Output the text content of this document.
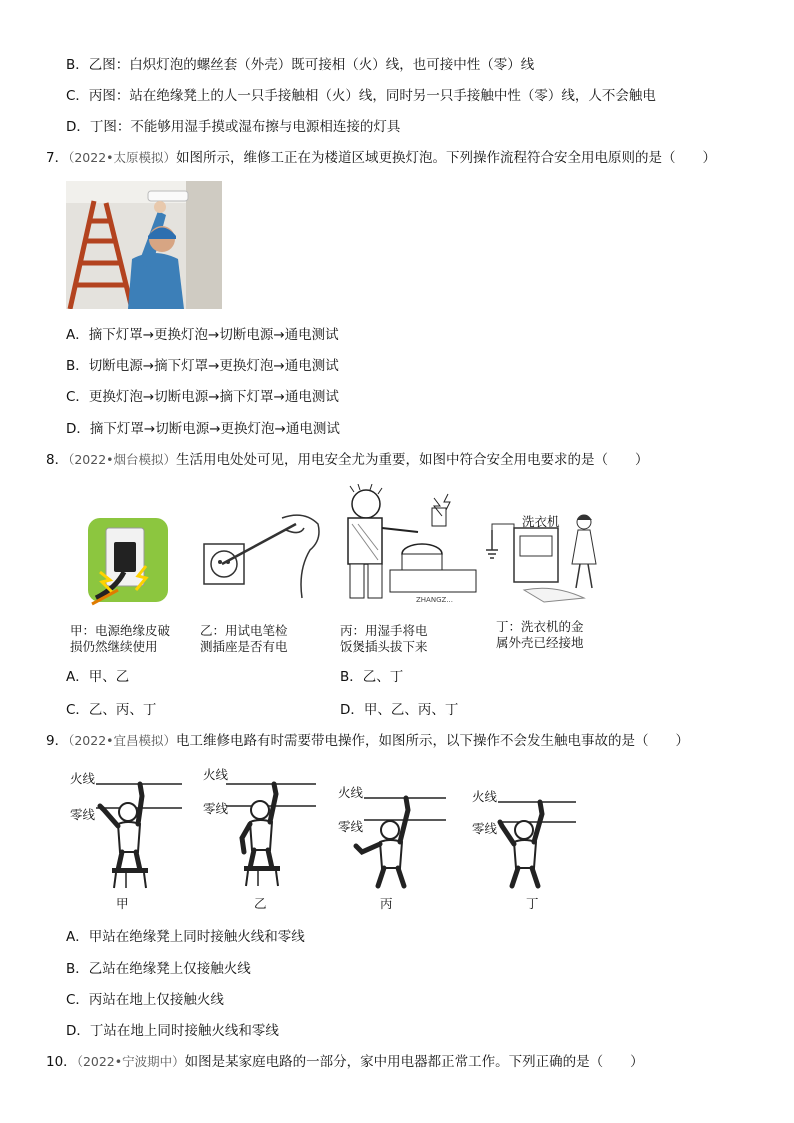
B．乙图：白炽灯泡的螺丝套（外壳）既可接相（火）线，也可接中性（零）线
C．丙图：站在绝缘凳上的人一只手接触相（火）线，同时另一只手接触中性（零）线，人不会触电
D．丁图：不能够用湿手摸或湿布擦与电源相连接的灯具
7．（2022•太原模拟）如图所示，维修工正在为楼道区域更换灯泡。下列操作流程符合安全用电原则的是（　　）
A．摘下灯罩→更换灯泡→切断电源→通电测试
B．切断电源→摘下灯罩→更换灯泡→通电测试
C．更换灯泡→切断电源→摘下灯罩→通电测试
D．摘下灯罩→切断电源→更换灯泡→通电测试
8．（2022•烟台模拟）生活用电处处可见，用电安全尤为重要，如图中符合安全用电要求的是（　　）
甲：电源绝缘皮破
损仍然继续使用
乙：用试电笔检
测插座是否有电
ZHANGZ...
丙：用湿手将电
饭煲插头拔下来
洗衣机
丁：洗衣机的金
属外壳已经接地
A．甲、乙	B．乙、丁
C．乙、丙、丁	D．甲、乙、丙、丁
9．（2022•宜昌模拟）电工维修电路有时需要带电操作，如图所示，以下操作不会发生触电事故的是（　　）
火线
零线
甲
火线
零线
乙
火线
零线
丙
火线
零线
丁
A．甲站在绝缘凳上同时接触火线和零线
B．乙站在绝缘凳上仅接触火线
C．丙站在地上仅接触火线
D．丁站在地上同时接触火线和零线
10．（2022•宁波期中）如图是某家庭电路的一部分，家中用电器都正常工作。下列正确的是（　　）
